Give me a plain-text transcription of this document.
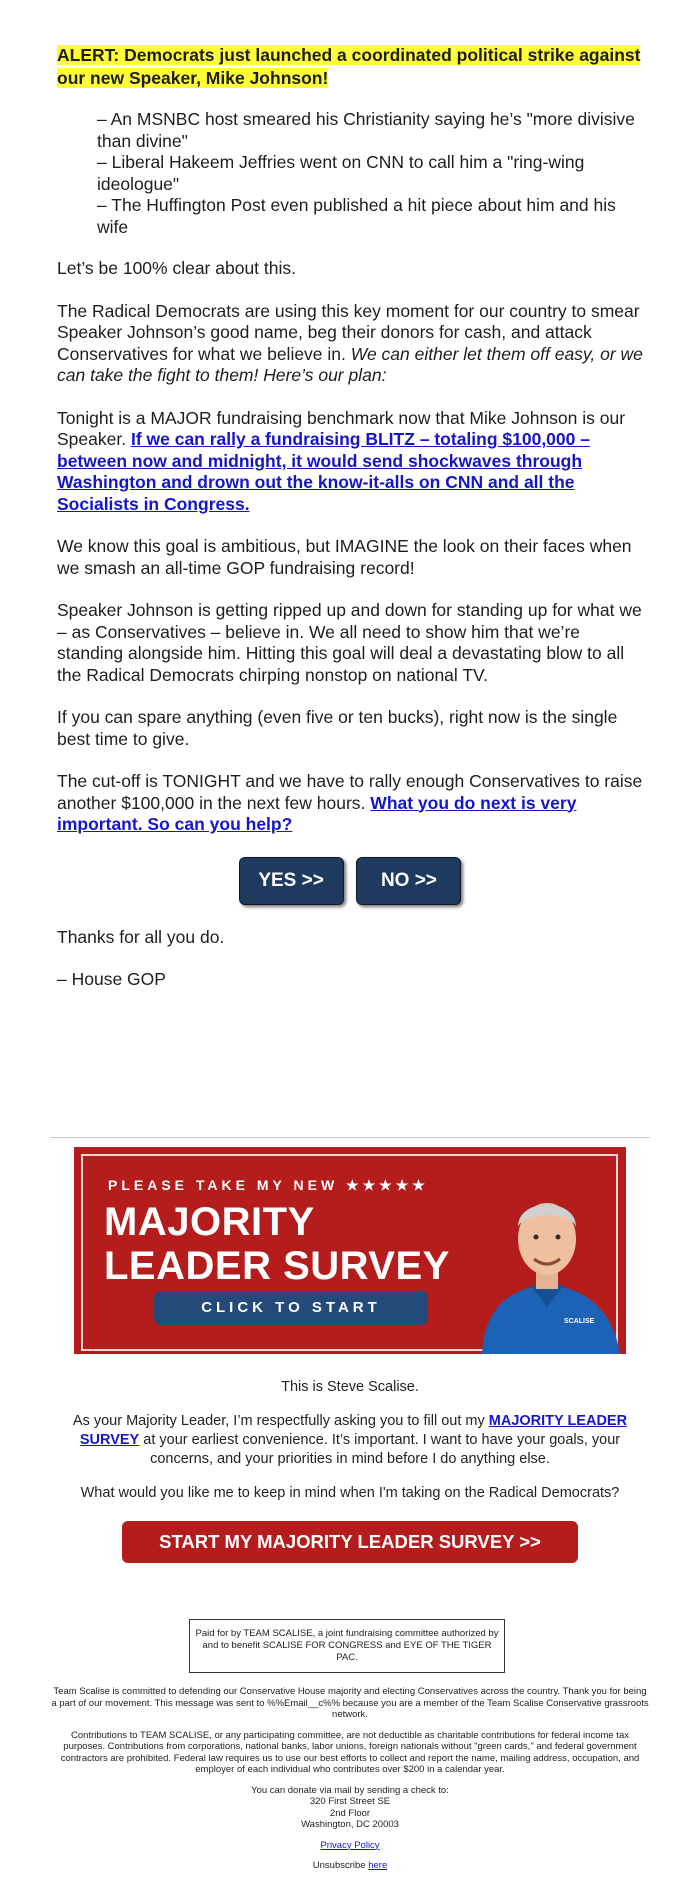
ALERT: Democrats just launched a coordinated political strike against our new Speaker, Mike Johnson!
– An MSNBC host smeared his Christianity saying he’s "more divisive than divine"
– Liberal Hakeem Jeffries went on CNN to call him a "ring-wing ideologue"
– The Huffington Post even published a hit piece about him and his wife

Let’s be 100% clear about this.

The Radical Democrats are using this key moment for our country to smear Speaker Johnson’s good name, beg their donors for cash, and attack Conservatives for what we believe in. We can either let them off easy, or we can take the fight to them! Here’s our plan:

Tonight is a MAJOR fundraising benchmark now that Mike Johnson is our Speaker. If we can rally a fundraising BLITZ – totaling $100,000 – between now and midnight, it would send shockwaves through Washington and drown out the know-it-alls on CNN and all the Socialists in Congress.

We know this goal is ambitious, but IMAGINE the look on their faces when we smash an all-time GOP fundraising record!

Speaker Johnson is getting ripped up and down for standing up for what we – as Conservatives – believe in. We all need to show him that we’re standing alongside him. Hitting this goal will deal a devastating blow to all the Radical Democrats chirping nonstop on national TV.

If you can spare anything (even five or ten bucks), right now is the single best time to give.

The cut-off is TONIGHT and we have to rally enough Conservatives to raise another $100,000 in the next few hours. What you do next is very important. So can you help?

YES >>	NO >>

Thanks for all you do.

– House GOP

PLEASE TAKE MY NEW ★★★★★
MAJORITY
LEADER SURVEY
CLICK TO START
SCALISE

This is Steve Scalise.

As your Majority Leader, I’m respectfully asking you to fill out my MAJORITY LEADER SURVEY at your earliest convenience. It’s important. I want to have your goals, your concerns, and your priorities in mind before I do anything else.

What would you like me to keep in mind when I'm taking on the Radical Democrats?

START MY MAJORITY LEADER SURVEY >>
Paid for by TEAM SCALISE, a joint fundraising committee authorized by and to benefit SCALISE FOR CONGRESS and EYE OF THE TIGER PAC.

Team Scalise is committed to defending our Conservative House majority and electing Conservatives across the country. Thank you for being a part of our movement. This message was sent to %%Email__c%% because you are a member of the Team Scalise Conservative grassroots network.

Contributions to TEAM SCALISE, or any participating committee, are not deductible as charitable contributions for federal income tax purposes. Contributions from corporations, national banks, labor unions, foreign nationals without "green cards," and federal government contractors are prohibited. Federal law requires us to use our best efforts to collect and report the name, mailing address, occupation, and employer of each individual who contributes over $200 in a calendar year.

You can donate via mail by sending a check to:
320 First Street SE
2nd Floor
Washington, DC 20003

Privacy Policy

Unsubscribe here
